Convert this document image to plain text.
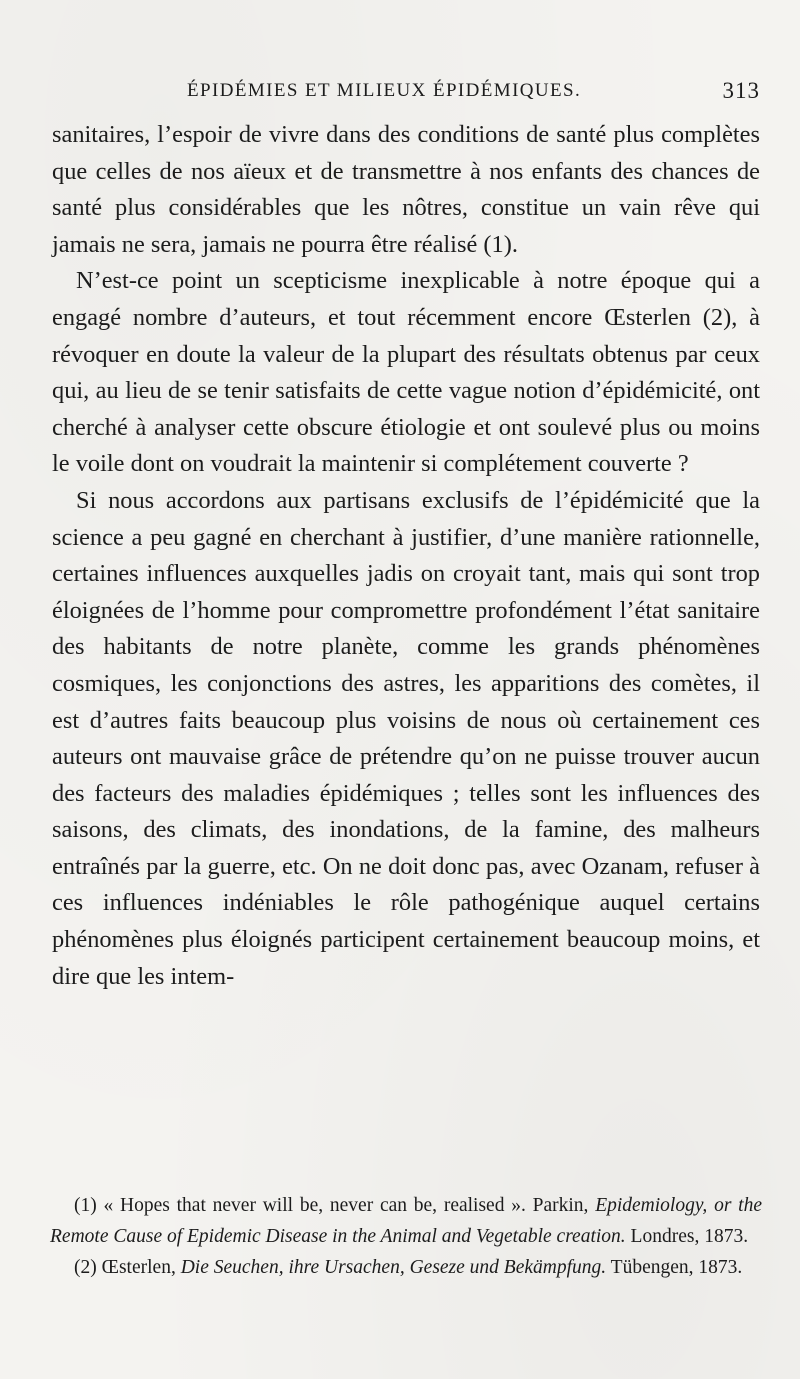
ÉPIDÉMIES ET MILIEUX ÉPIDÉMIQUES.	313

sanitaires, l’espoir de vivre dans des conditions de santé plus complètes que celles de nos aïeux et de transmettre à nos enfants des chances de santé plus considérables que les nôtres, constitue un vain rêve qui jamais ne sera, jamais ne pourra être réalisé (1).

N’est-ce point un scepticisme inexplicable à notre époque qui a engagé nombre d’auteurs, et tout récemment encore Œsterlen (2), à révoquer en doute la valeur de la plupart des résultats obtenus par ceux qui, au lieu de se tenir satisfaits de cette vague notion d’épidémicité, ont cherché à analyser cette obscure étiologie et ont soulevé plus ou moins le voile dont on voudrait la maintenir si complétement couverte ?

Si nous accordons aux partisans exclusifs de l’épidémicité que la science a peu gagné en cherchant à justifier, d’une manière rationnelle, certaines influences auxquelles jadis on croyait tant, mais qui sont trop éloignées de l’homme pour compromettre profondément l’état sanitaire des habitants de notre planète, comme les grands phénomènes cosmiques, les conjonctions des astres, les apparitions des comètes, il est d’autres faits beaucoup plus voisins de nous où certainement ces auteurs ont mauvaise grâce de prétendre qu’on ne puisse trouver aucun des facteurs des maladies épidémiques ; telles sont les influences des saisons, des climats, des inondations, de la famine, des malheurs entraînés par la guerre, etc. On ne doit donc pas, avec Ozanam, refuser à ces influences indéniables le rôle pathogénique auquel certains phénomènes plus éloignés participent certainement beaucoup moins, et dire que les intem-

(1) « Hopes that never will be, never can be, realised ». Parkin, Epidemiology, or the Remote Cause of Epidemic Disease in the Animal and Vegetable creation. Londres, 1873.

(2) Œsterlen, Die Seuchen, ihre Ursachen, Geseze und Bekämpfung. Tübengen, 1873.
